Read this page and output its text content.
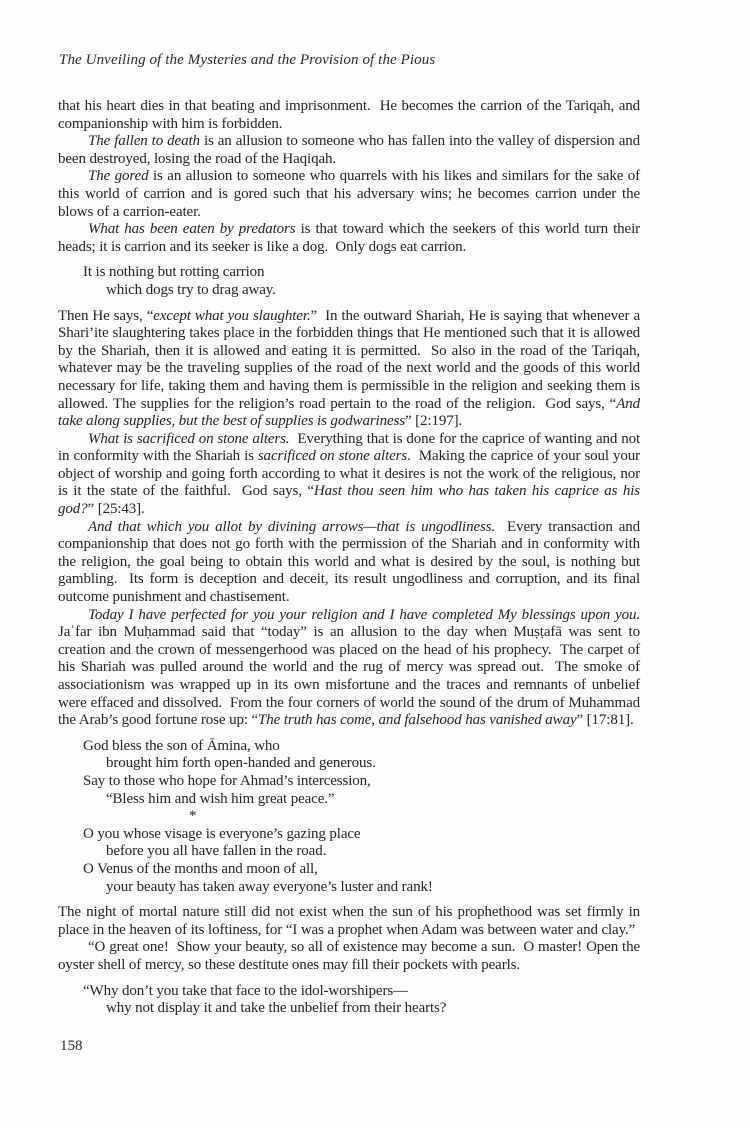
The Unveiling of the Mysteries and the Provision of the Pious

that his heart dies in that beating and imprisonment.  He becomes the carrion of the Tariqah, and companionship with him is forbidden.

The fallen to death is an allusion to someone who has fallen into the valley of dispersion and been destroyed, losing the road of the Haqiqah.

The gored is an allusion to someone who quarrels with his likes and similars for the sake of this world of carrion and is gored such that his adversary wins; he becomes carrion under the blows of a carrion-eater.

What has been eaten by predators is that toward which the seekers of this world turn their heads; it is carrion and its seeker is like a dog.  Only dogs eat carrion.

It is nothing but rotting carrion
which dogs try to drag away.

Then He says, “except what you slaughter.”  In the outward Shariah, He is saying that whenever a Shari’ite slaughtering takes place in the forbidden things that He mentioned such that it is allowed by the Shariah, then it is allowed and eating it is permitted.  So also in the road of the Tariqah, whatever may be the traveling supplies of the road of the next world and the goods of this world necessary for life, taking them and having them is permissible in the religion and seeking them is allowed. The supplies for the religion’s road pertain to the road of the religion.  God says, “And take along supplies, but the best of supplies is godwariness” [2:197].

What is sacrificed on stone alters.  Everything that is done for the caprice of wanting and not in conformity with the Shariah is sacrificed on stone alters.  Making the caprice of your soul your object of worship and going forth according to what it desires is not the work of the religious, nor is it the state of the faithful.  God says, “Hast thou seen him who has taken his caprice as his god?” [25:43].

And that which you allot by divining arrows—that is ungodliness.  Every transaction and companionship that does not go forth with the permission of the Shariah and in conformity with the religion, the goal being to obtain this world and what is desired by the soul, is nothing but gambling.  Its form is deception and deceit, its result ungodliness and corruption, and its final outcome punishment and chastisement.

Today I have perfected for you your religion and I have completed My blessings upon you. Jaʿfar ibn Muḥammad said that “today” is an allusion to the day when Muṣṭafā was sent to creation and the crown of messengerhood was placed on the head of his prophecy.  The carpet of his Shariah was pulled around the world and the rug of mercy was spread out.  The smoke of associationism was wrapped up in its own misfortune and the traces and remnants of unbelief were effaced and dissolved.  From the four corners of world the sound of the drum of Muhammad the Arab’s good fortune rose up: “The truth has come, and falsehood has vanished away” [17:81].

God bless the son of Āmina, who
brought him forth open-handed and generous.
Say to those who hope for Ahmad’s intercession,
“Bless him and wish him great peace.”
*
O you whose visage is everyone’s gazing place
before you all have fallen in the road.
O Venus of the months and moon of all,
your beauty has taken away everyone’s luster and rank!

The night of mortal nature still did not exist when the sun of his prophethood was set firmly in place in the heaven of its loftiness, for “I was a prophet when Adam was between water and clay.”

“O great one!  Show your beauty, so all of existence may become a sun.  O master! Open the oyster shell of mercy, so these destitute ones may fill their pockets with pearls.

“Why don’t you take that face to the idol-worshipers—
why not display it and take the unbelief from their hearts?
158
